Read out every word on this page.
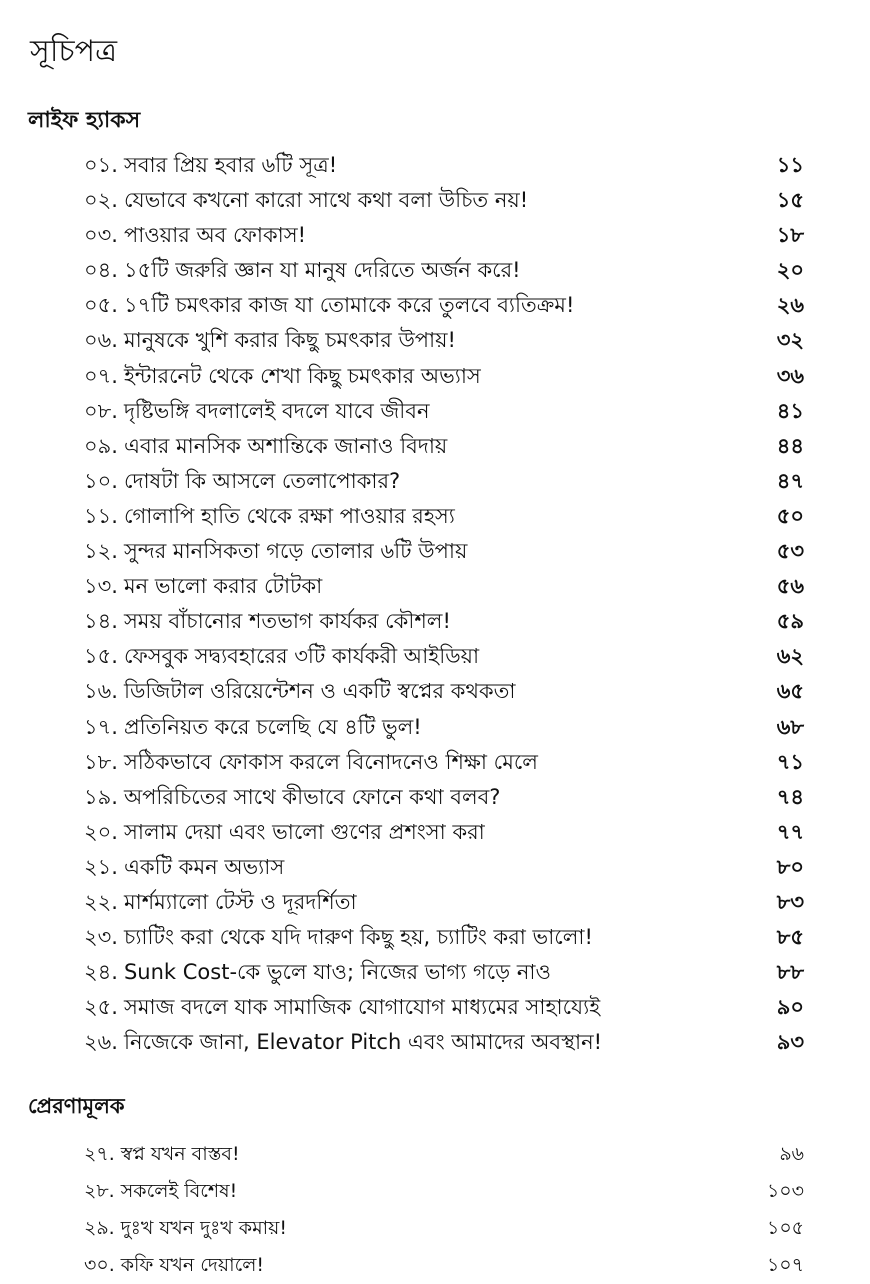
সূচিপত্র
লাইফ হ্যাকস
০১. সবার প্রিয় হবার ৬টি সূত্র!	১১
০২. যেভাবে কখনো কারো সাথে কথা বলা উচিত নয়!	১৫
০৩. পাওয়ার অব ফোকাস!	১৮
০৪. ১৫টি জরুরি জ্ঞান যা মানুষ দেরিতে অর্জন করে!	২০
০৫. ১৭টি চমৎকার কাজ যা তোমাকে করে তুলবে ব্যতিক্রম!	২৬
০৬. মানুষকে খুশি করার কিছু চমৎকার উপায়!	৩২
০৭. ইন্টারনেট থেকে শেখা কিছু চমৎকার অভ্যাস	৩৬
০৮. দৃষ্টিভঙ্গি বদলালেই বদলে যাবে জীবন	৪১
০৯. এবার মানসিক অশান্তিকে জানাও বিদায়	৪৪
১০. দোষটা কি আসলে তেলাপোকার?	৪৭
১১. গোলাপি হাতি থেকে রক্ষা পাওয়ার রহস্য	৫০
১২. সুন্দর মানসিকতা গড়ে তোলার ৬টি উপায়	৫৩
১৩. মন ভালো করার টোটকা	৫৬
১৪. সময় বাঁচানোর শতভাগ কার্যকর কৌশল!	৫৯
১৫. ফেসবুক সদ্ব্যবহারের ৩টি কার্যকরী আইডিয়া	৬২
১৬. ডিজিটাল ওরিয়েন্টেশন ও একটি স্বপ্নের কথকতা	৬৫
১৭. প্রতিনিয়ত করে চলেছি যে ৪টি ভুল!	৬৮
১৮. সঠিকভাবে ফোকাস করলে বিনোদনেও শিক্ষা মেলে	৭১
১৯. অপরিচিতের সাথে কীভাবে ফোনে কথা বলব?	৭৪
২০. সালাম দেয়া এবং ভালো গুণের প্রশংসা করা	৭৭
২১. একটি কমন অভ্যাস	৮০
২২. মার্শম্যালো টেস্ট ও দূরদর্শিতা	৮৩
২৩. চ্যাটিং করা থেকে যদি দারুণ কিছু হয়, চ্যাটিং করা ভালো!	৮৫
২৪. Sunk Cost-কে ভুলে যাও; নিজের ভাগ্য গড়ে নাও	৮৮
২৫. সমাজ বদলে যাক সামাজিক যোগাযোগ মাধ্যমের সাহায্যেই	৯০
২৬. নিজেকে জানা, Elevator Pitch এবং আমাদের অবস্থান!	৯৩
প্রেরণামূলক
২৭. স্বপ্ন যখন বাস্তব!	৯৬
২৮. সকলেই বিশেষ!	১০৩
২৯. দুঃখ যখন দুঃখ কমায়!	১০৫
৩০. কফি যখন দেয়ালে!	১০৭
